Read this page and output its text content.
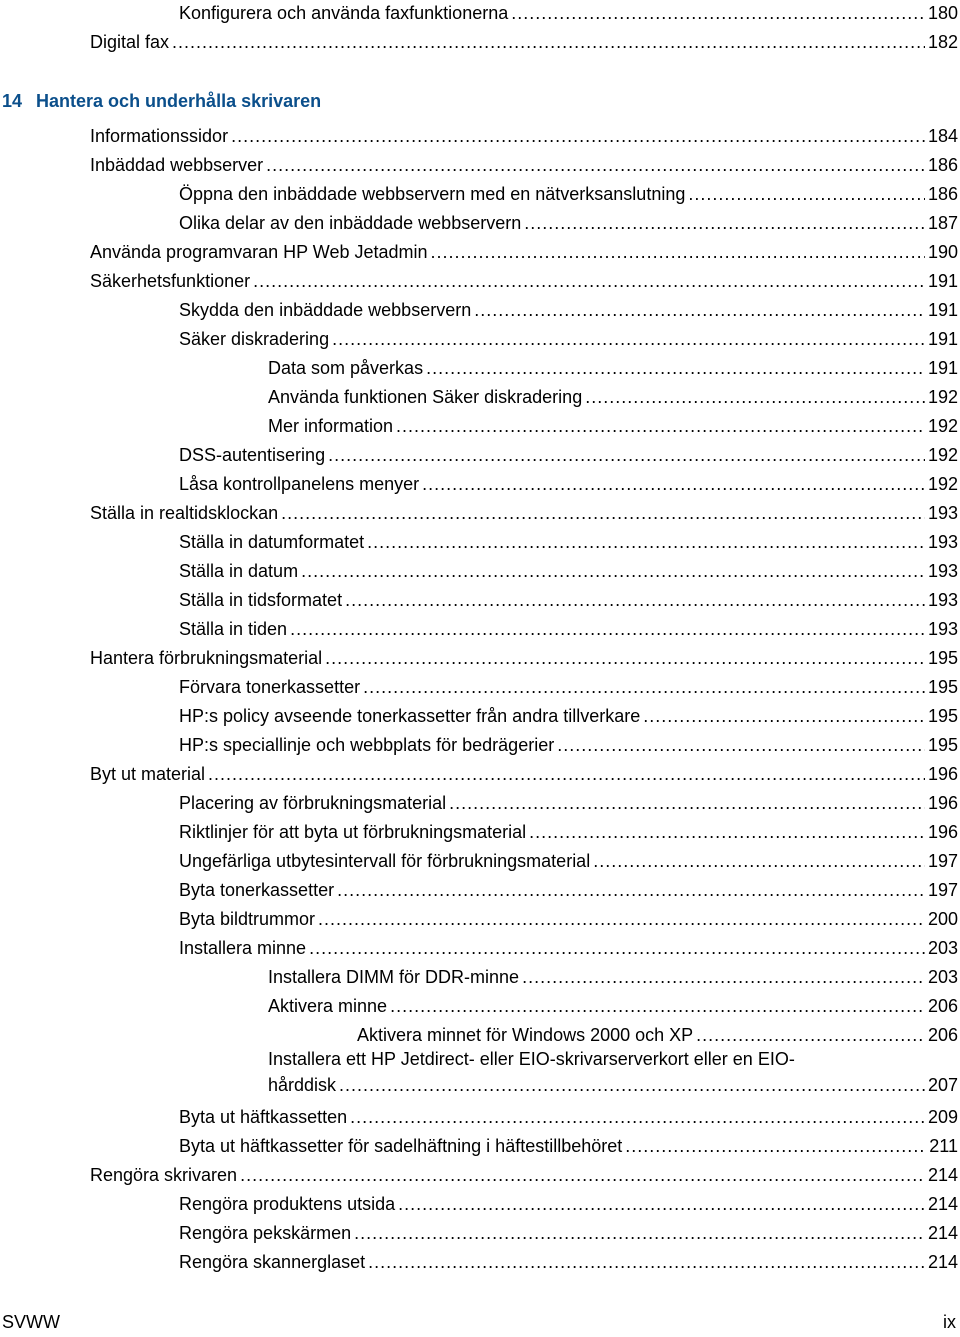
Konfigurera och använda faxfunktionerna .....	180
Digital fax .....	182
14 Hantera och underhålla skrivaren
Informationssidor .....	184
Inbäddad webbserver .....	186
Öppna den inbäddade webbservern med en nätverksanslutning .....	186
Olika delar av den inbäddade webbservern .....	187
Använda programvaran HP Web Jetadmin .....	190
Säkerhetsfunktioner .....	191
Skydda den inbäddade webbservern .....	191
Säker diskradering .....	191
Data som påverkas .....	191
Använda funktionen Säker diskradering .....	192
Mer information .....	192
DSS-autentisering .....	192
Låsa kontrollpanelens menyer .....	192
Ställa in realtidsklockan .....	193
Ställa in datumformatet .....	193
Ställa in datum .....	193
Ställa in tidsformatet .....	193
Ställa in tiden .....	193
Hantera förbrukningsmaterial .....	195
Förvara tonerkassetter .....	195
HP:s policy avseende tonerkassetter från andra tillverkare .....	195
HP:s speciallinje och webbplats för bedrägerier .....	195
Byt ut material .....	196
Placering av förbrukningsmaterial .....	196
Riktlinjer för att byta ut förbrukningsmaterial .....	196
Ungefärliga utbytesintervall för förbrukningsmaterial .....	197
Byta tonerkassetter .....	197
Byta bildtrummor .....	200
Installera minne .....	203
Installera DIMM för DDR-minne .....	203
Aktivera minne .....	206
Aktivera minnet för Windows 2000 och XP .....	206
Installera ett HP Jetdirect- eller EIO-skrivarserverkort eller en EIO-
hårddisk .....	207
Byta ut häftkassetten .....	209
Byta ut häftkassetter för sadelhäftning i häftestillbehöret .....	211
Rengöra skrivaren .....	214
Rengöra produktens utsida .....	214
Rengöra pekskärmen .....	214
Rengöra skannerglaset .....	214
SVWW	ix
